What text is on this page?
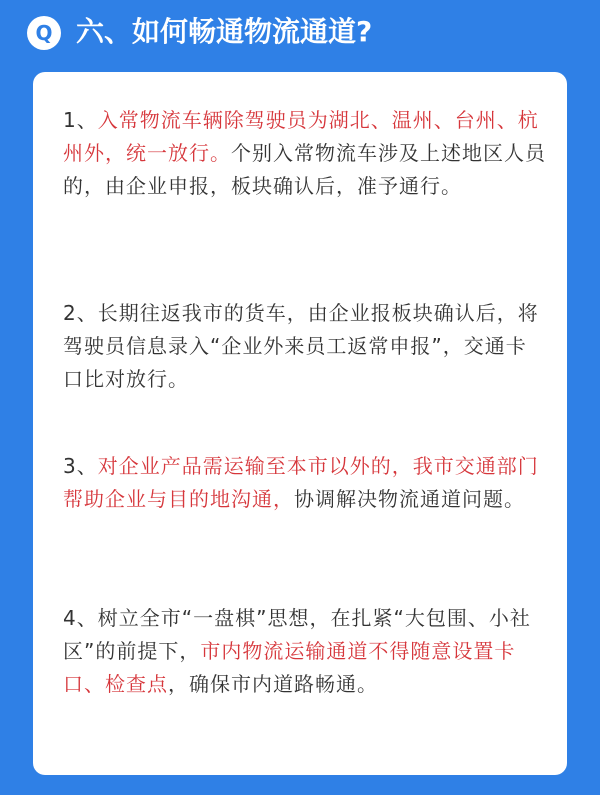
Q 六、如何畅通物流通道?

1、入常物流车辆除驾驶员为湖北、温州、台州、杭州外，统一放行。个别入常物流车涉及上述地区人员的，由企业申报，板块确认后，准予通行。

2、长期往返我市的货车，由企业报板块确认后，将驾驶员信息录入“企业外来员工返常申报”，交通卡口比对放行。

3、对企业产品需运输至本市以外的，我市交通部门帮助企业与目的地沟通，协调解决物流通道问题。

4、树立全市“一盘棋”思想，在扎紧“大包围、小社区”的前提下，市内物流运输通道不得随意设置卡口、检查点，确保市内道路畅通。
